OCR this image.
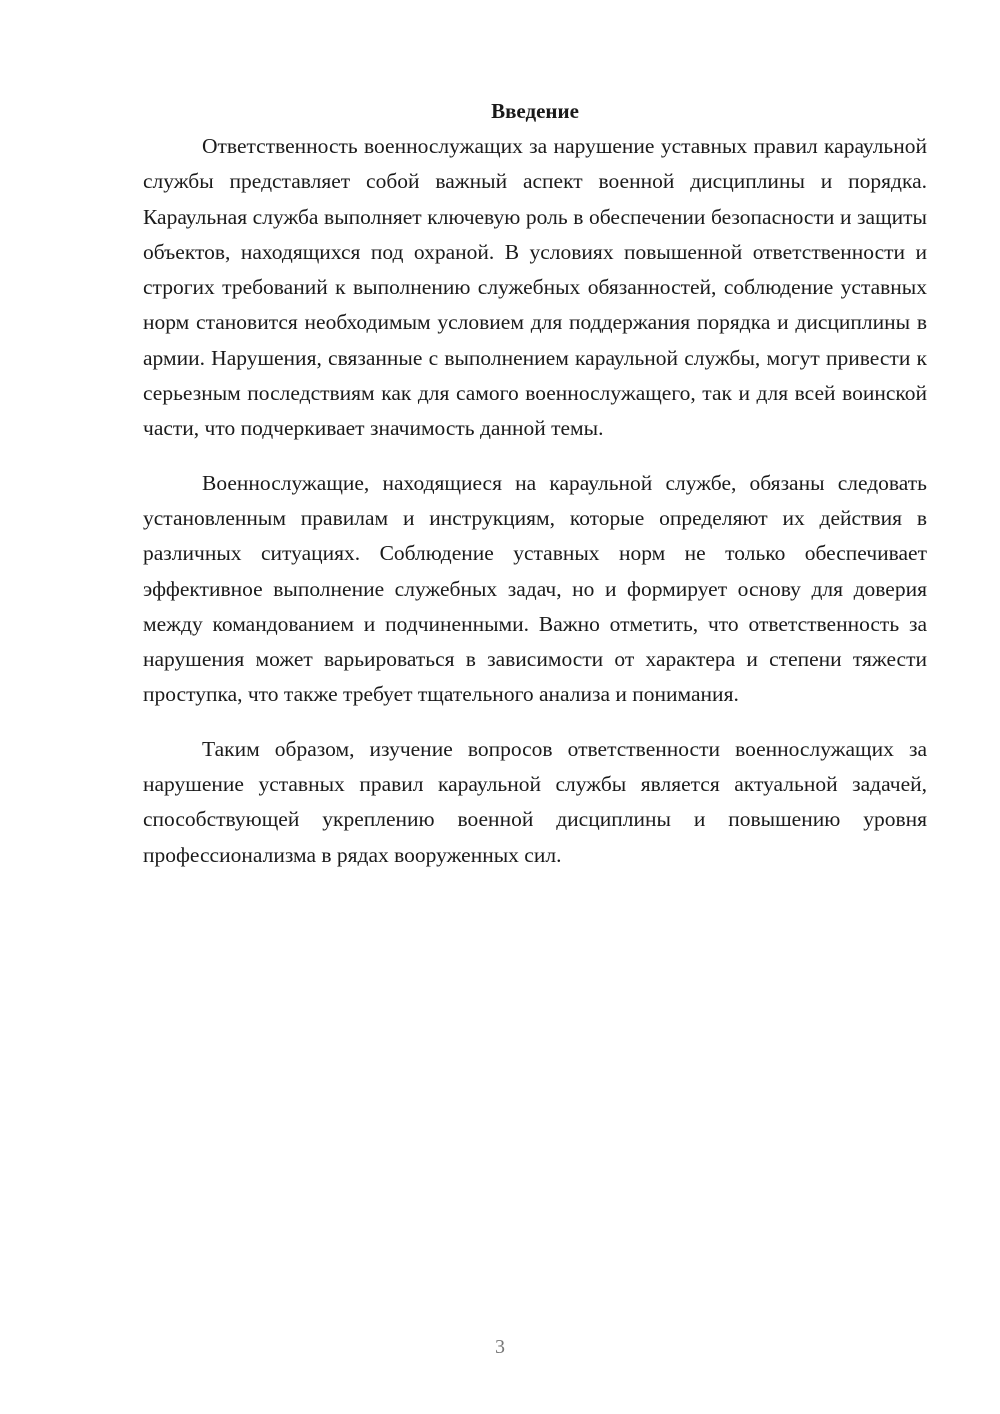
Введение

Ответственность военнослужащих за нарушение уставных правил караульной службы представляет собой важный аспект военной дисциплины и порядка. Караульная служба выполняет ключевую роль в обеспечении безопасности и защиты объектов, находящихся под охраной. В условиях повышенной ответственности и строгих требований к выполнению служебных обязанностей, соблюдение уставных норм становится необходимым условием для поддержания порядка и дисциплины в армии. Нарушения, связанные с выполнением караульной службы, могут привести к серьезным последствиям как для самого военнослужащего, так и для всей воинской части, что подчеркивает значимость данной темы.

Военнослужащие, находящиеся на караульной службе, обязаны следовать установленным правилам и инструкциям, которые определяют их действия в различных ситуациях. Соблюдение уставных норм не только обеспечивает эффективное выполнение служебных задач, но и формирует основу для доверия между командованием и подчиненными. Важно отметить, что ответственность за нарушения может варьироваться в зависимости от характера и степени тяжести проступка, что также требует тщательного анализа и понимания.

Таким образом, изучение вопросов ответственности военнослужащих за нарушение уставных правил караульной службы является актуальной задачей, способствующей укреплению военной дисциплины и повышению уровня профессионализма в рядах вооруженных сил.

3
